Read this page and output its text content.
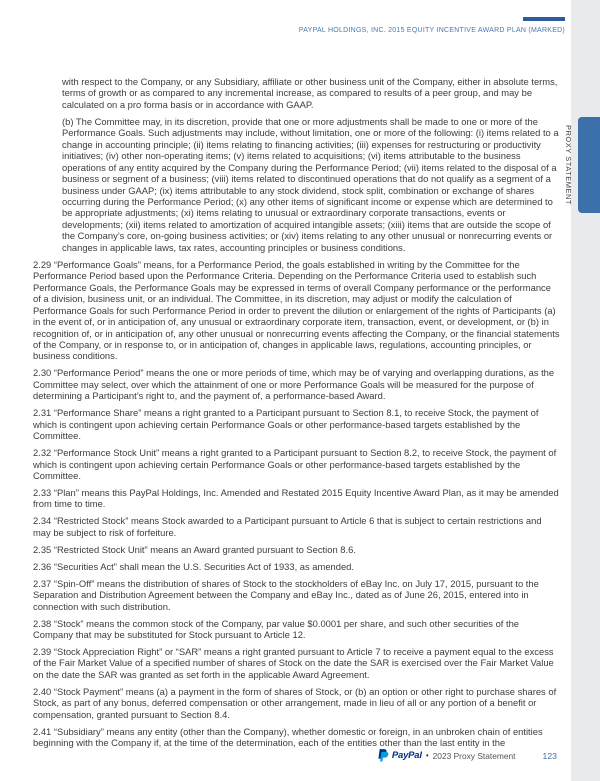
PROXY STATEMENT
PAYPAL HOLDINGS, INC. 2015 EQUITY INCENTIVE AWARD PLAN (MARKED)

with respect to the Company, or any Subsidiary, affiliate or other business unit of the Company, either in absolute terms, terms of growth or as compared to any incremental increase, as compared to results of a peer group, and may be calculated on a pro forma basis or in accordance with GAAP.

(b) The Committee may, in its discretion, provide that one or more adjustments shall be made to one or more of the Performance Goals. Such adjustments may include, without limitation, one or more of the following: (i) items related to a change in accounting principle; (ii) items relating to financing activities; (iii) expenses for restructuring or productivity initiatives; (iv) other non-operating items; (v) items related to acquisitions; (vi) items attributable to the business operations of any entity acquired by the Company during the Performance Period; (vii) items related to the disposal of a business or segment of a business; (viii) items related to discontinued operations that do not qualify as a segment of a business under GAAP; (ix) items attributable to any stock dividend, stock split, combination or exchange of shares occurring during the Performance Period; (x) any other items of significant income or expense which are determined to be appropriate adjustments; (xi) items relating to unusual or extraordinary corporate transactions, events or developments; (xii) items related to amortization of acquired intangible assets; (xiii) items that are outside the scope of the Company’s core, on-going business activities; or (xiv) items relating to any other unusual or nonrecurring events or changes in applicable laws, tax rates, accounting principles or business conditions.

2.29 “Performance Goals” means, for a Performance Period, the goals established in writing by the Committee for the Performance Period based upon the Performance Criteria. Depending on the Performance Criteria used to establish such Performance Goals, the Performance Goals may be expressed in terms of overall Company performance or the performance of a division, business unit, or an individual. The Committee, in its discretion, may adjust or modify the calculation of Performance Goals for such Performance Period in order to prevent the dilution or enlargement of the rights of Participants (a) in the event of, or in anticipation of, any unusual or extraordinary corporate item, transaction, event, or development, or (b) in recognition of, or in anticipation of, any other unusual or nonrecurring events affecting the Company, or the financial statements of the Company, or in response to, or in anticipation of, changes in applicable laws, regulations, accounting principles, or business conditions.

2.30 “Performance Period” means the one or more periods of time, which may be of varying and overlapping durations, as the Committee may select, over which the attainment of one or more Performance Goals will be measured for the purpose of determining a Participant’s right to, and the payment of, a performance-based Award.

2.31 “Performance Share” means a right granted to a Participant pursuant to Section 8.1, to receive Stock, the payment of which is contingent upon achieving certain Performance Goals or other performance-based targets established by the Committee.

2.32 “Performance Stock Unit” means a right granted to a Participant pursuant to Section 8.2, to receive Stock, the payment of which is contingent upon achieving certain Performance Goals or other performance-based targets established by the Committee.

2.33 “Plan” means this PayPal Holdings, Inc. Amended and Restated 2015 Equity Incentive Award Plan, as it may be amended from time to time.

2.34 “Restricted Stock” means Stock awarded to a Participant pursuant to Article 6 that is subject to certain restrictions and may be subject to risk of forfeiture.

2.35 “Restricted Stock Unit” means an Award granted pursuant to Section 8.6.

2.36 “Securities Act” shall mean the U.S. Securities Act of 1933, as amended.

2.37 “Spin-Off” means the distribution of shares of Stock to the stockholders of eBay Inc. on July 17, 2015, pursuant to the Separation and Distribution Agreement between the Company and eBay Inc., dated as of June 26, 2015, entered into in connection with such distribution.

2.38 “Stock” means the common stock of the Company, par value $0.0001 per share, and such other securities of the Company that may be substituted for Stock pursuant to Article 12.

2.39 “Stock Appreciation Right” or “SAR” means a right granted pursuant to Article 7 to receive a payment equal to the excess of the Fair Market Value of a specified number of shares of Stock on the date the SAR is exercised over the Fair Market Value on the date the SAR was granted as set forth in the applicable Award Agreement.

2.40 “Stock Payment” means (a) a payment in the form of shares of Stock, or (b) an option or other right to purchase shares of Stock, as part of any bonus, deferred compensation or other arrangement, made in lieu of all or any portion of a benefit or compensation, granted pursuant to Section 8.4.

2.41 “Subsidiary” means any entity (other than the Company), whether domestic or foreign, in an unbroken chain of entities beginning with the Company if, at the time of the determination, each of the entities other than the last entity in the

PayPal • 2023 Proxy Statement	123
